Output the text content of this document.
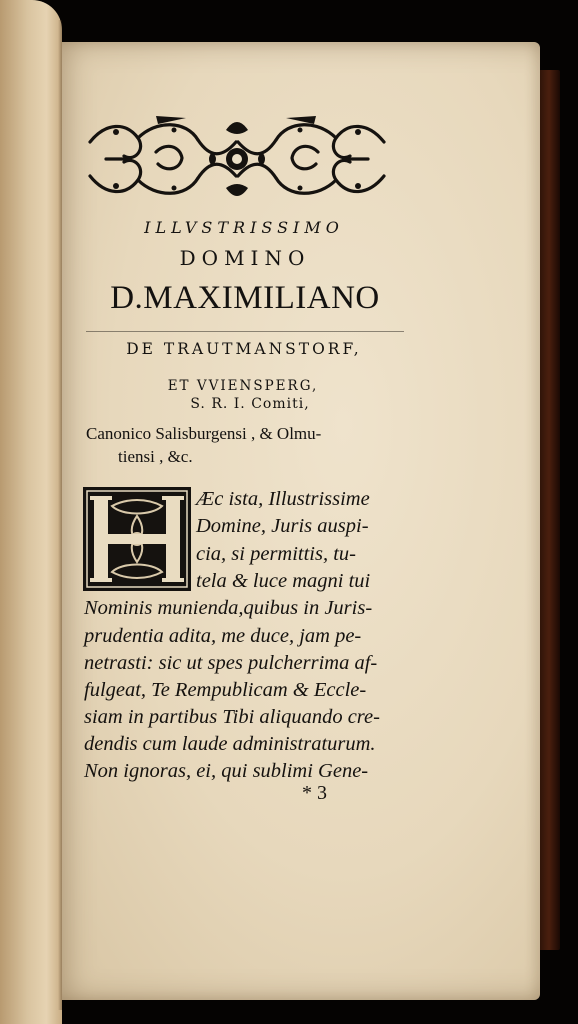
ILLVSTRISSIMO
DOMINO
D.MAXIMILIANO
DE TRAUTMANSTORF,
ET VVIENSPERG,
S. R. I. Comiti,
Canonico Salisburgensi , & Olmu-
tiensi , &c.
Æc ista, Illustrissime
Domine, Juris auspi-
cia, si permittis, tu-
tela & luce magni tui
Nominis munienda,quibus in Juris-
prudentia adita, me duce, jam pe-
netrasti: sic ut spes pulcherrima af-
fulgeat, Te Rempublicam & Eccle-
siam in partibus Tibi aliquando cre-
dendis cum laude administraturum.
Non ignoras, ei, qui sublimi Gene-
* 3
